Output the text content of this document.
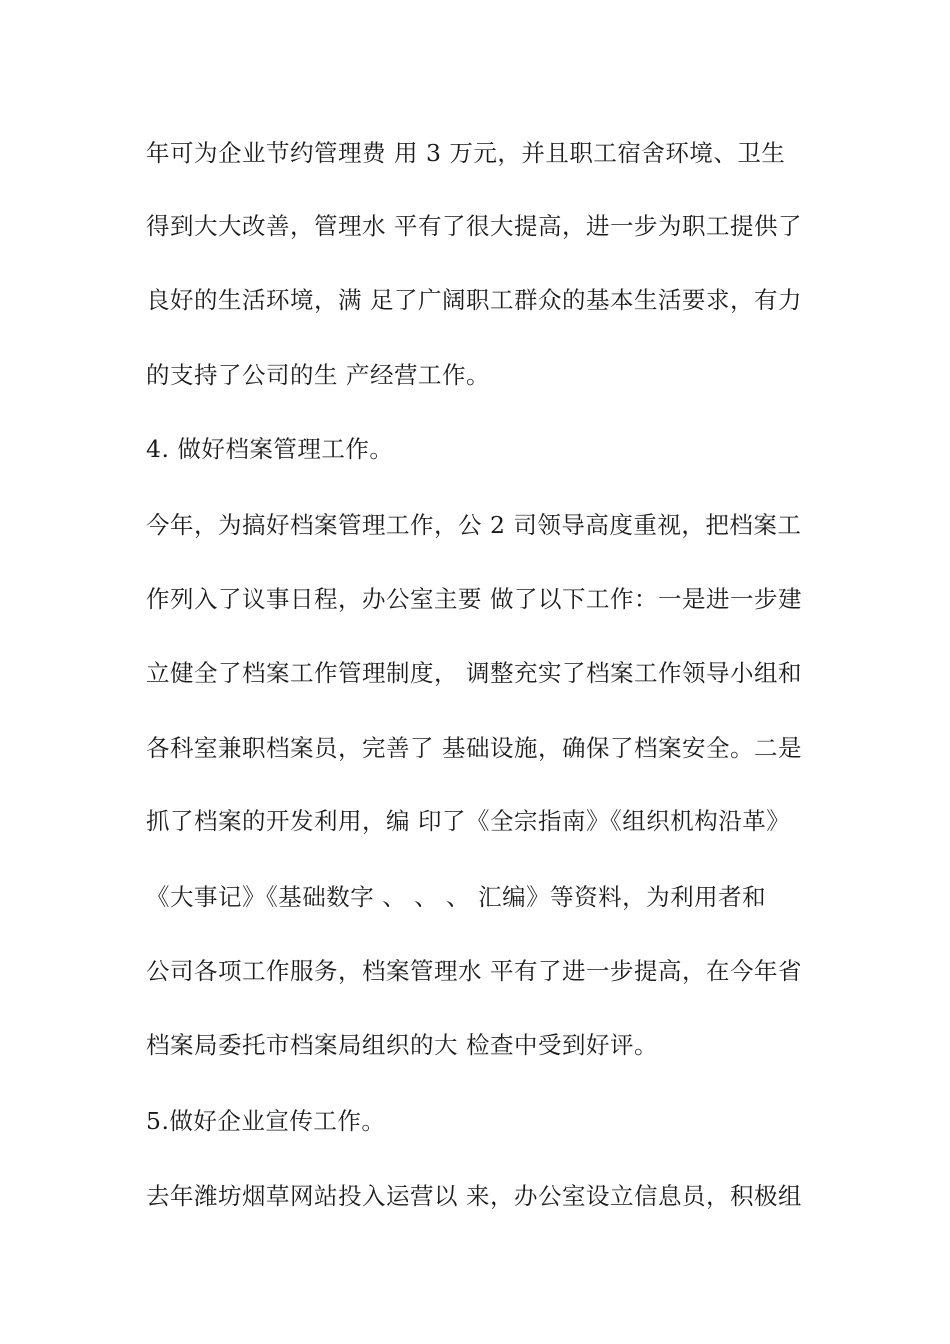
年可为企业节约管理费 用 3 万元，并且职工宿舍环境、卫生
得到大大改善，管理水 平有了很大提高，进一步为职工提供了
良好的生活环境，满 足了广阔职工群众的基本生活要求，有力
的支持了公司的生 产经营工作。
4. 做好档案管理工作。
今年，为搞好档案管理工作，公 2 司领导高度重视，把档案工
作列入了议事日程，办公室主要 做了以下工作：一是进一步建
立健全了档案工作管理制度， 调整充实了档案工作领导小组和
各科室兼职档案员，完善了 基础设施，确保了档案安全。二是
抓了档案的开发利用，编 印了《全宗指南》《组织机构沿革》
《大事记》《基础数字 、 、 、 汇编》等资料，为利用者和
公司各项工作服务，档案管理水 平有了进一步提高，在今年省
档案局委托市档案局组织的大 检查中受到好评。
5.做好企业宣传工作。
去年潍坊烟草网站投入运营以 来，办公室设立信息员，积极组
